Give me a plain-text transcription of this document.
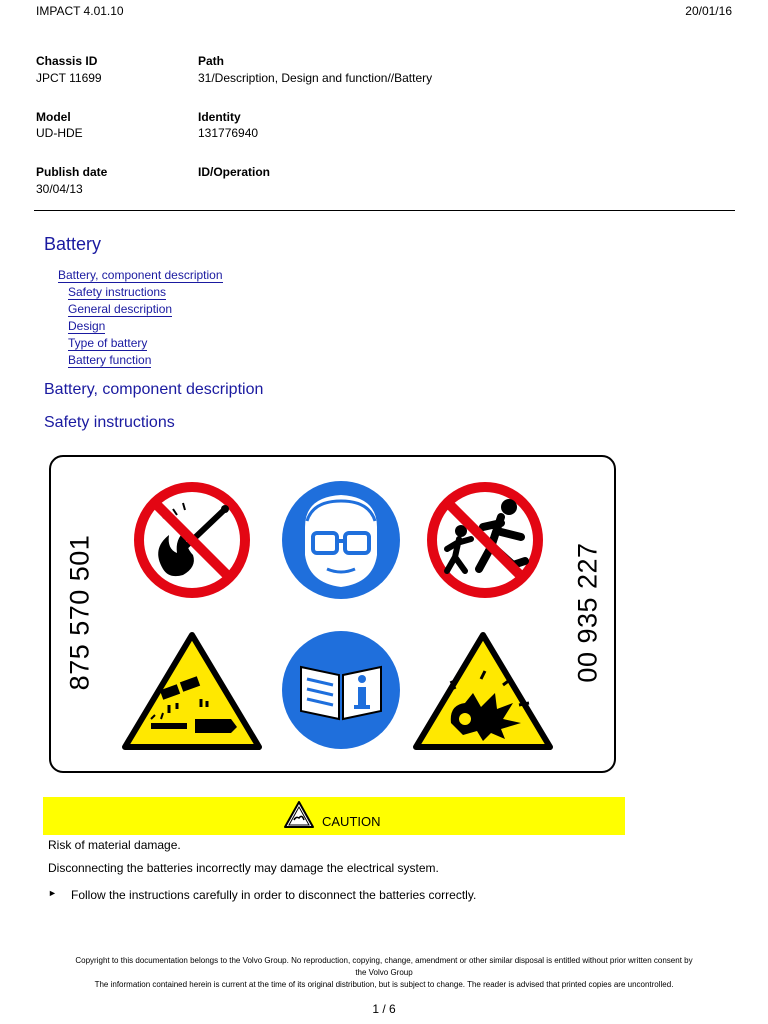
IMPACT 4.01.10	20/01/16
Chassis ID
JPCT 11699
Path
31/Description, Design and function//Battery
Model
UD-HDE
Identity
131776940
Publish date
30/04/13
ID/Operation
Battery
Battery, component description
Safety instructions
General description
Design
Type of battery
Battery function
Battery, component description
Safety instructions
875 570 501	00 935 227
CAUTION
Risk of material damage.
Disconnecting the batteries incorrectly may damage the electrical system.
► Follow the instructions carefully in order to disconnect the batteries correctly.
Copyright to this documentation belongs to the Volvo Group. No reproduction, copying, change, amendment or other similar disposal is entitled without prior written consent by
the Volvo Group
The information contained herein is current at the time of its original distribution, but is subject to change. The reader is advised that printed copies are uncontrolled.
1 / 6
